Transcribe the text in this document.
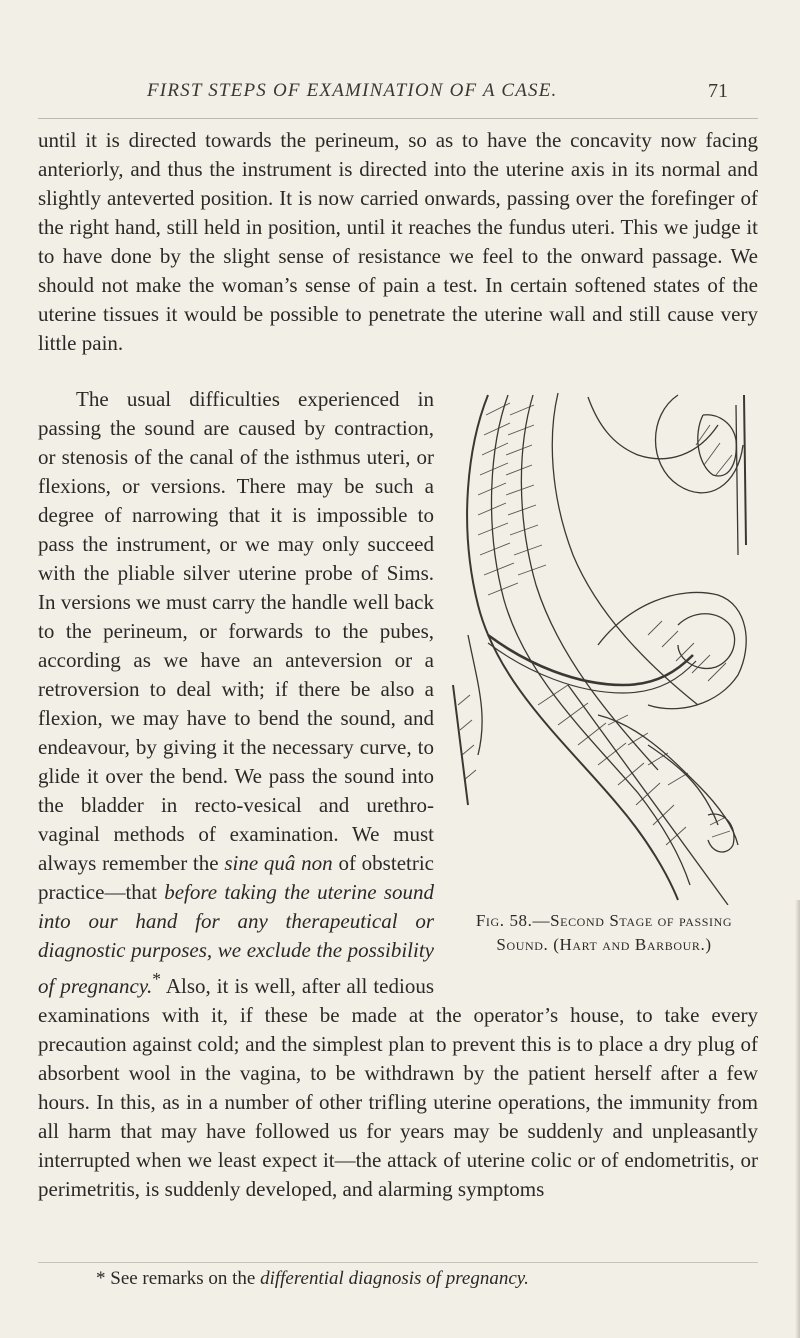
FIRST STEPS OF EXAMINATION OF A CASE.	71

until it is directed towards the perineum, so as to have the concavity now facing anteriorly, and thus the instrument is directed into the uterine axis in its normal and slightly anteverted position. It is now carried onwards, passing over the forefinger of the right hand, still held in position, until it reaches the fundus uteri. This we judge it to have done by the slight sense of resistance we feel to the onward passage. We should not make the woman’s sense of pain a test. In certain softened states of the uterine tissues it would be possible to penetrate the uterine wall and still cause very little pain.

Fig. 58.—Second Stage of passing
Sound. (Hart and Barbour.)

The usual difficulties experienced in passing the sound are caused by contraction, or stenosis of the canal of the isthmus uteri, or flexions, or versions. There may be such a degree of narrowing that it is impossible to pass the instrument, or we may only succeed with the pliable silver uterine probe of Sims. In versions we must carry the handle well back to the perineum, or forwards to the pubes, according as we have an anteversion or a retroversion to deal with; if there be also a flexion, we may have to bend the sound, and endeavour, by giving it the necessary curve, to glide it over the bend. We pass the sound into the bladder in recto-vesical and urethro-vaginal methods of examination. We must always remember the sine quâ non of obstetric practice—that before taking the uterine sound into our hand for any therapeutical or diagnostic purposes, we exclude the possibility of pregnancy.* Also, it is well, after all tedious examinations with it, if these be made at the operator’s house, to take every precaution against cold; and the simplest plan to prevent this is to place a dry plug of absorbent wool in the vagina, to be withdrawn by the patient herself after a few hours. In this, as in a number of other trifling uterine operations, the immunity from all harm that may have followed us for years may be suddenly and unpleasantly interrupted when we least expect it—the attack of uterine colic or of endometritis, or perimetritis, is suddenly developed, and alarming symptoms

* See remarks on the differential diagnosis of pregnancy.
